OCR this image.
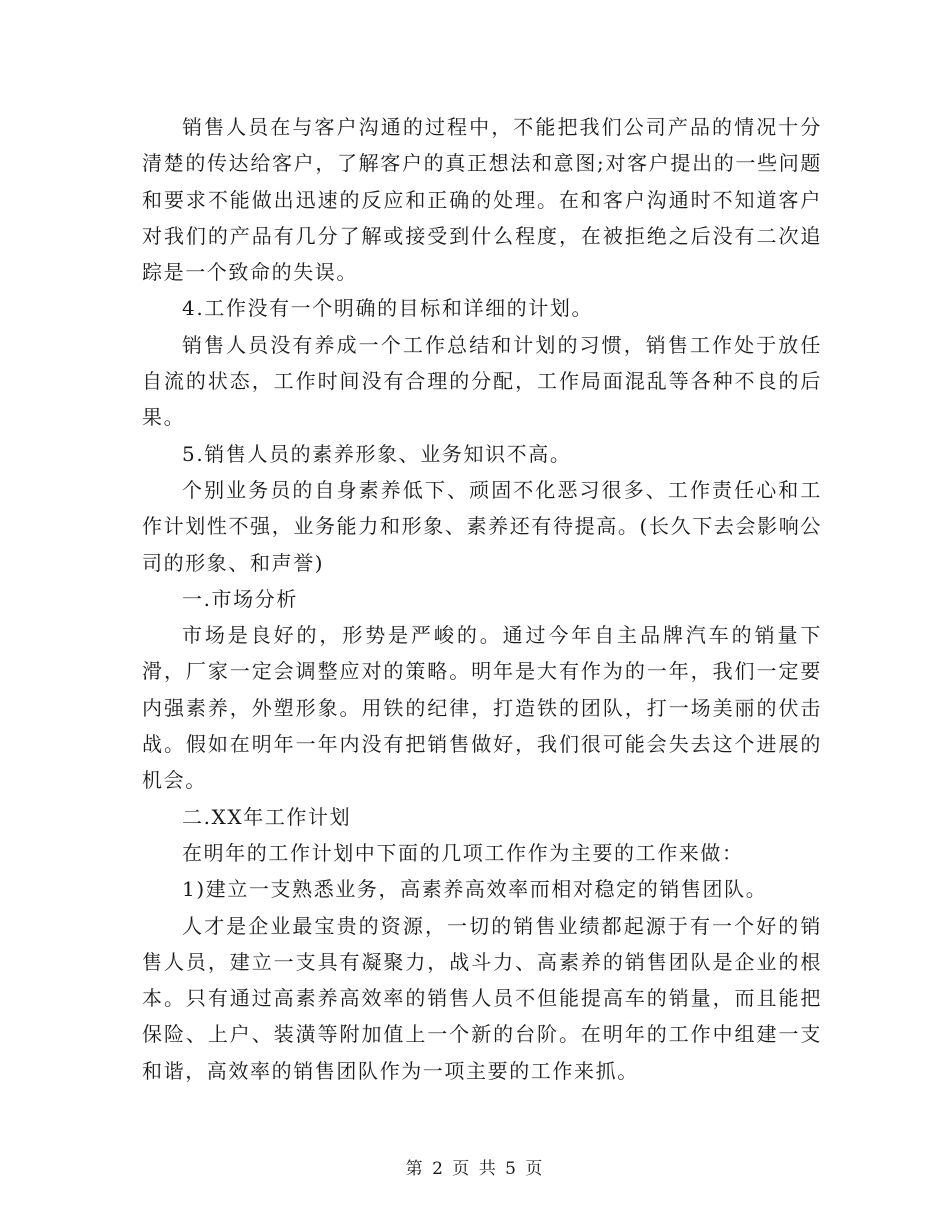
销售人员在与客户沟通的过程中，不能把我们公司产品的情况十分清楚的传达给客户，了解客户的真正想法和意图;对客户提出的一些问题和要求不能做出迅速的反应和正确的处理。在和客户沟通时不知道客户对我们的产品有几分了解或接受到什么程度，在被拒绝之后没有二次追踪是一个致命的失误。

4.工作没有一个明确的目标和详细的计划。

销售人员没有养成一个工作总结和计划的习惯，销售工作处于放任自流的状态，工作时间没有合理的分配，工作局面混乱等各种不良的后果。

5.销售人员的素养形象、业务知识不高。

个别业务员的自身素养低下、顽固不化恶习很多、工作责任心和工作计划性不强，业务能力和形象、素养还有待提高。(长久下去会影响公司的形象、和声誉)

一.市场分析

市场是良好的，形势是严峻的。通过今年自主品牌汽车的销量下滑，厂家一定会调整应对的策略。明年是大有作为的一年，我们一定要内强素养，外塑形象。用铁的纪律，打造铁的团队，打一场美丽的伏击战。假如在明年一年内没有把销售做好，我们很可能会失去这个进展的机会。

二.XX年工作计划

在明年的工作计划中下面的几项工作作为主要的工作来做：

1)建立一支熟悉业务，高素养高效率而相对稳定的销售团队。

人才是企业最宝贵的资源，一切的销售业绩都起源于有一个好的销售人员，建立一支具有凝聚力，战斗力、高素养的销售团队是企业的根本。只有通过高素养高效率的销售人员不但能提高车的销量，而且能把保险、上户、装潢等附加值上一个新的台阶。在明年的工作中组建一支和谐，高效率的销售团队作为一项主要的工作来抓。

第 2 页 共 5 页
